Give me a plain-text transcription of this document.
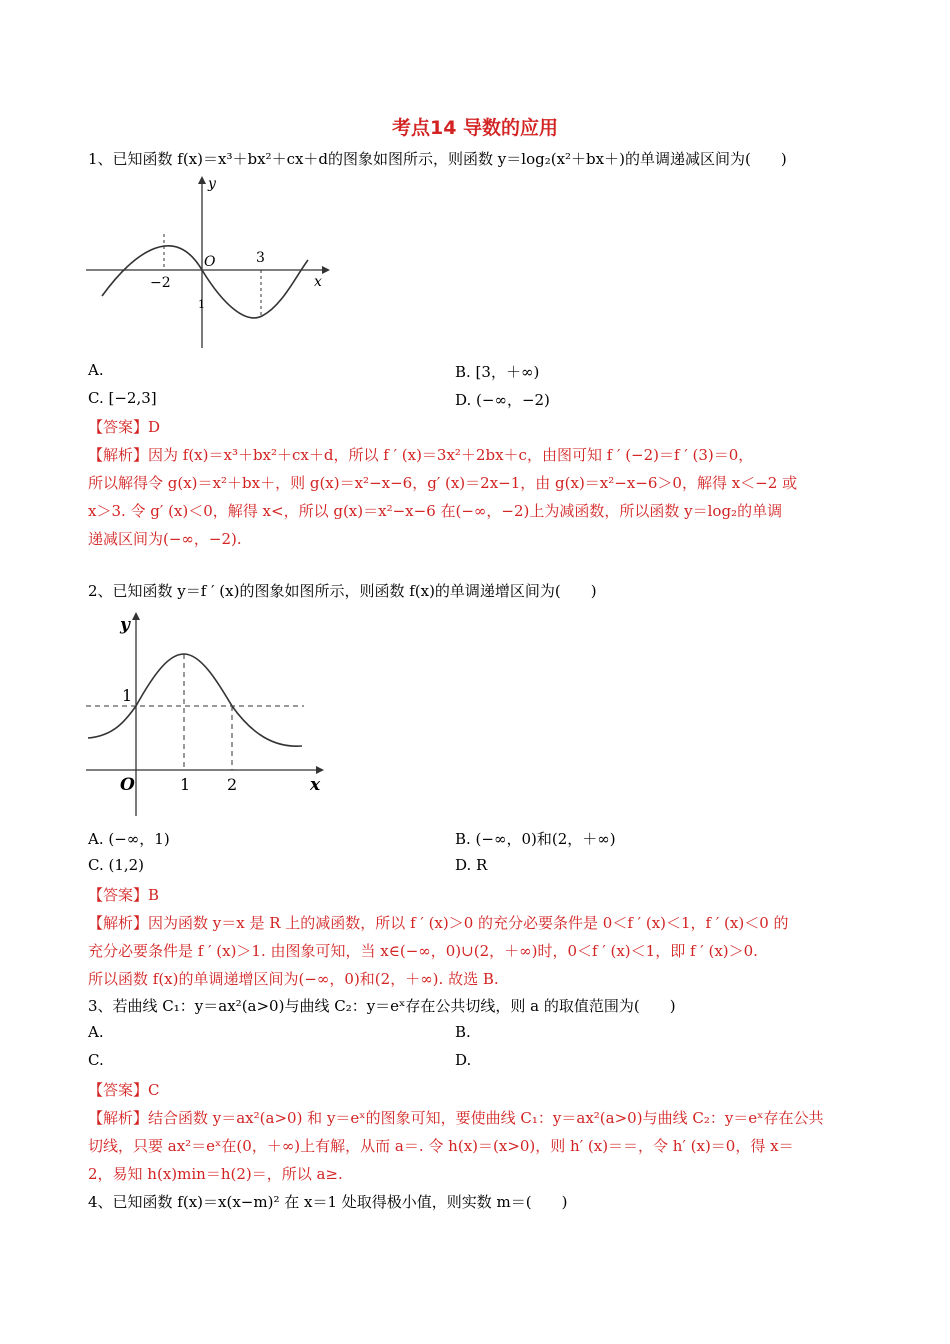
考点14 导数的应用
1、已知函数 f(x)＝x³＋bx²＋cx＋d的图象如图所示，则函数 y＝log₂(x²＋bx＋)的单调递减区间为(　　)
y
x
O
−2
3
1
A.	B. [3，＋∞)
C. [−2,3]	D. (−∞，−2)
【答案】D
【解析】因为 f(x)＝x³＋bx²＋cx＋d，所以 f ′ (x)＝3x²＋2bx＋c，由图可知 f ′ (−2)＝f ′ (3)＝0，
所以解得令 g(x)＝x²＋bx＋，则 g(x)＝x²−x−6，g′ (x)＝2x−1，由 g(x)＝x²−x−6＞0，解得 x＜−2 或
x＞3. 令 g′ (x)＜0，解得 x<，所以 g(x)＝x²−x−6 在(−∞，−2)上为减函数，所以函数 y＝log₂的单调
递减区间为(−∞，−2).
2、已知函数 y＝f ′ (x)的图象如图所示，则函数 f(x)的单调递增区间为(　　)
y
x
O
1
1 2
A. (−∞，1)	B. (−∞，0)和(2，＋∞)
C. (1,2)	D. R
【答案】B
【解析】因为函数 y＝x 是 R 上的减函数，所以 f ′ (x)＞0 的充分必要条件是 0＜f ′ (x)＜1，f ′ (x)＜0 的
充分必要条件是 f ′ (x)＞1. 由图象可知，当 x∈(−∞，0)∪(2，＋∞)时，0＜f ′ (x)＜1，即 f ′ (x)＞0.
所以函数 f(x)的单调递增区间为(−∞，0)和(2，＋∞). 故选 B.
3、若曲线 C₁：y＝ax²(a>0)与曲线 C₂：y＝eˣ存在公共切线，则 a 的取值范围为(　　)
A.	B.
C.	D.
【答案】C
【解析】结合函数 y＝ax²(a>0) 和 y＝eˣ的图象可知，要使曲线 C₁：y＝ax²(a>0)与曲线 C₂：y＝eˣ存在公共
切线，只要 ax²＝eˣ在(0，＋∞)上有解，从而 a＝. 令 h(x)＝(x>0)，则 h′ (x)＝＝，令 h′ (x)＝0，得 x＝
2，易知 h(x)min＝h(2)＝，所以 a≥.
4、已知函数 f(x)＝x(x−m)² 在 x＝1 处取得极小值，则实数 m＝(　　)
